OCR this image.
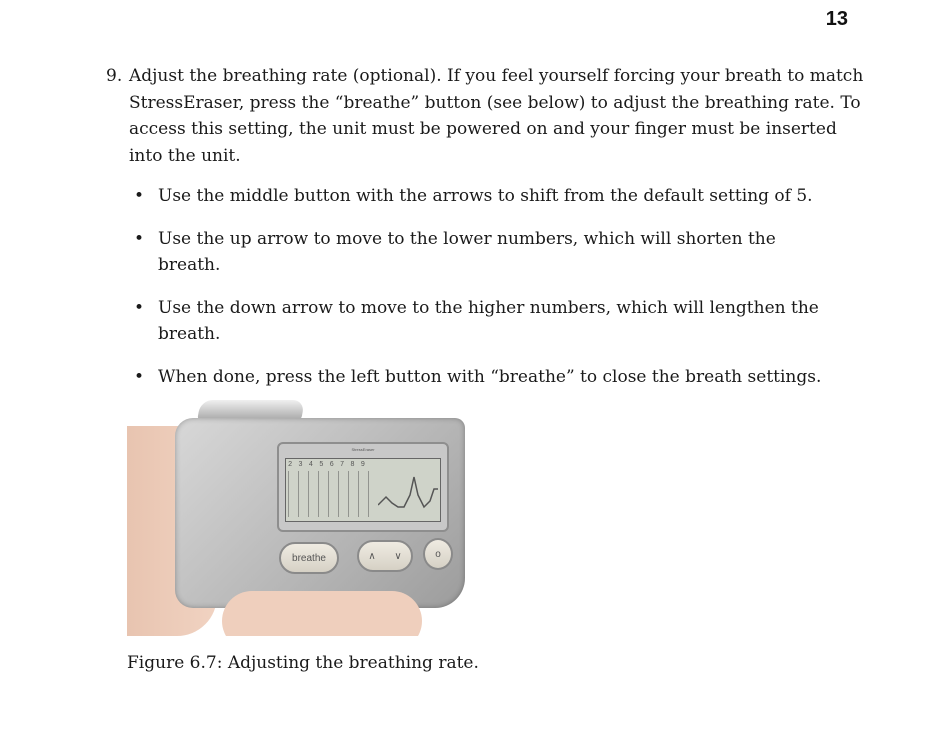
13
9. Adjust the breathing rate (optional). If you feel yourself forcing your breath to match StressEraser, press the “breathe” button (see below) to adjust the breathing rate. To access this setting, the unit must be powered on and your finger must be inserted into the unit.
• Use the middle button with the arrows to shift from the default setting of 5.
• Use the up arrow to move to the lower numbers, which will shorten the breath.
• Use the down arrow to move to the higher numbers, which will lengthen the breath.
• When done, press the left button with “breathe” to close the breath settings.
StressEraser
2 3 4 5 6 7 8 9
breathe	∧ ∨	o
Figure 6.7: Adjusting the breathing rate.
